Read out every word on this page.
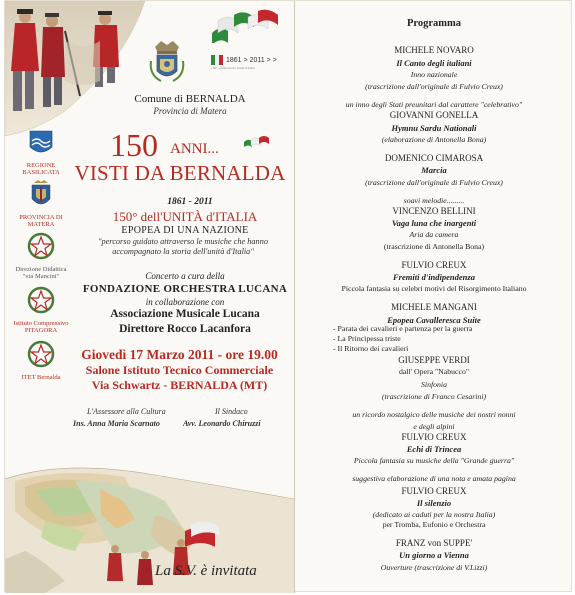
1861 > 2011 > >
150° anniversario Unità d'Italia
Comune di BERNALDA
Provincia di Matera
150 ANNI...
VISTI DA BERNALDA
REGIONE BASILICATA
PROVINCIA DI MATERA
Direzione Didattica "via Mancini"
Istituto Comprensivo PITAGORA
ITET Bernalda
1861 - 2011
150° dell'UNITÀ d'ITALIA
EPOPEA DI UNA NAZIONE
"percorso guidato attraverso le musiche che hanno
accompagnato la storia dell'unità d'Italia"
Concerto a cura della
FONDAZIONE ORCHESTRA LUCANA
in collaborazione con
Associazione Musicale Lucana
Direttore Rocco Lacanfora
Giovedì 17 Marzo 2011 - ore 19.00
Salone Istituto Tecnico Commerciale
Via Schwartz - BERNALDA (MT)
L'Assessore alla Cultura
Ins. Anna Maria Scarnato
Il Sindaco
Avv. Leonardo Chiruzzi
La S.V. è invitata
Programma
MICHELE NOVARO
Il Canto degli italiani
Inno nazionale
(trascrizione dall'originale di Fulvio Creux)
un inno degli Stati preunitari dal carattere "celebrativo"
GIOVANNI GONELLA
Hymnu Sardu Nationali
(elaborazione di Antonella Bona)
DOMENICO CIMAROSA
Marcia
(trascrizione dall'originale di Fulvio Creux)
soavi melodie.........
VINCENZO BELLINI
Vaga luna che inargenti
Aria da camera
(trascrizione di Antonella Bona)
FULVIO CREUX
Fremiti d'indipendenza
Piccola fantasia su celebri motivi del Risorgimento Italiano
MICHELE MANGANI
Epopea Cavalleresca Suite
GIUSEPPE VERDI
dall' Opera "Nabucco"
Sinfonia
(trascrizione di Franco Cesarini)
un ricordo nostalgico delle musiche dei nostri nonni
e degli alpini
FULVIO CREUX
Echi di Trincea
Piccola fantasia su musiche della "Grande guerra"
suggestiva elaborazione di una nota e amata pagina
FULVIO CREUX
Il silenzio
(dedicato ai caduti per la nostra Italia)
per Tromba, Eufonio e Orchestra
FRANZ von SUPPE'
Un giorno a Vienna
Ouverture (trascrizione di V.Lizzi)
- Parata dei cavalieri e partenza per la guerra
- La Principessa triste
- Il Ritorno dei cavalieri
